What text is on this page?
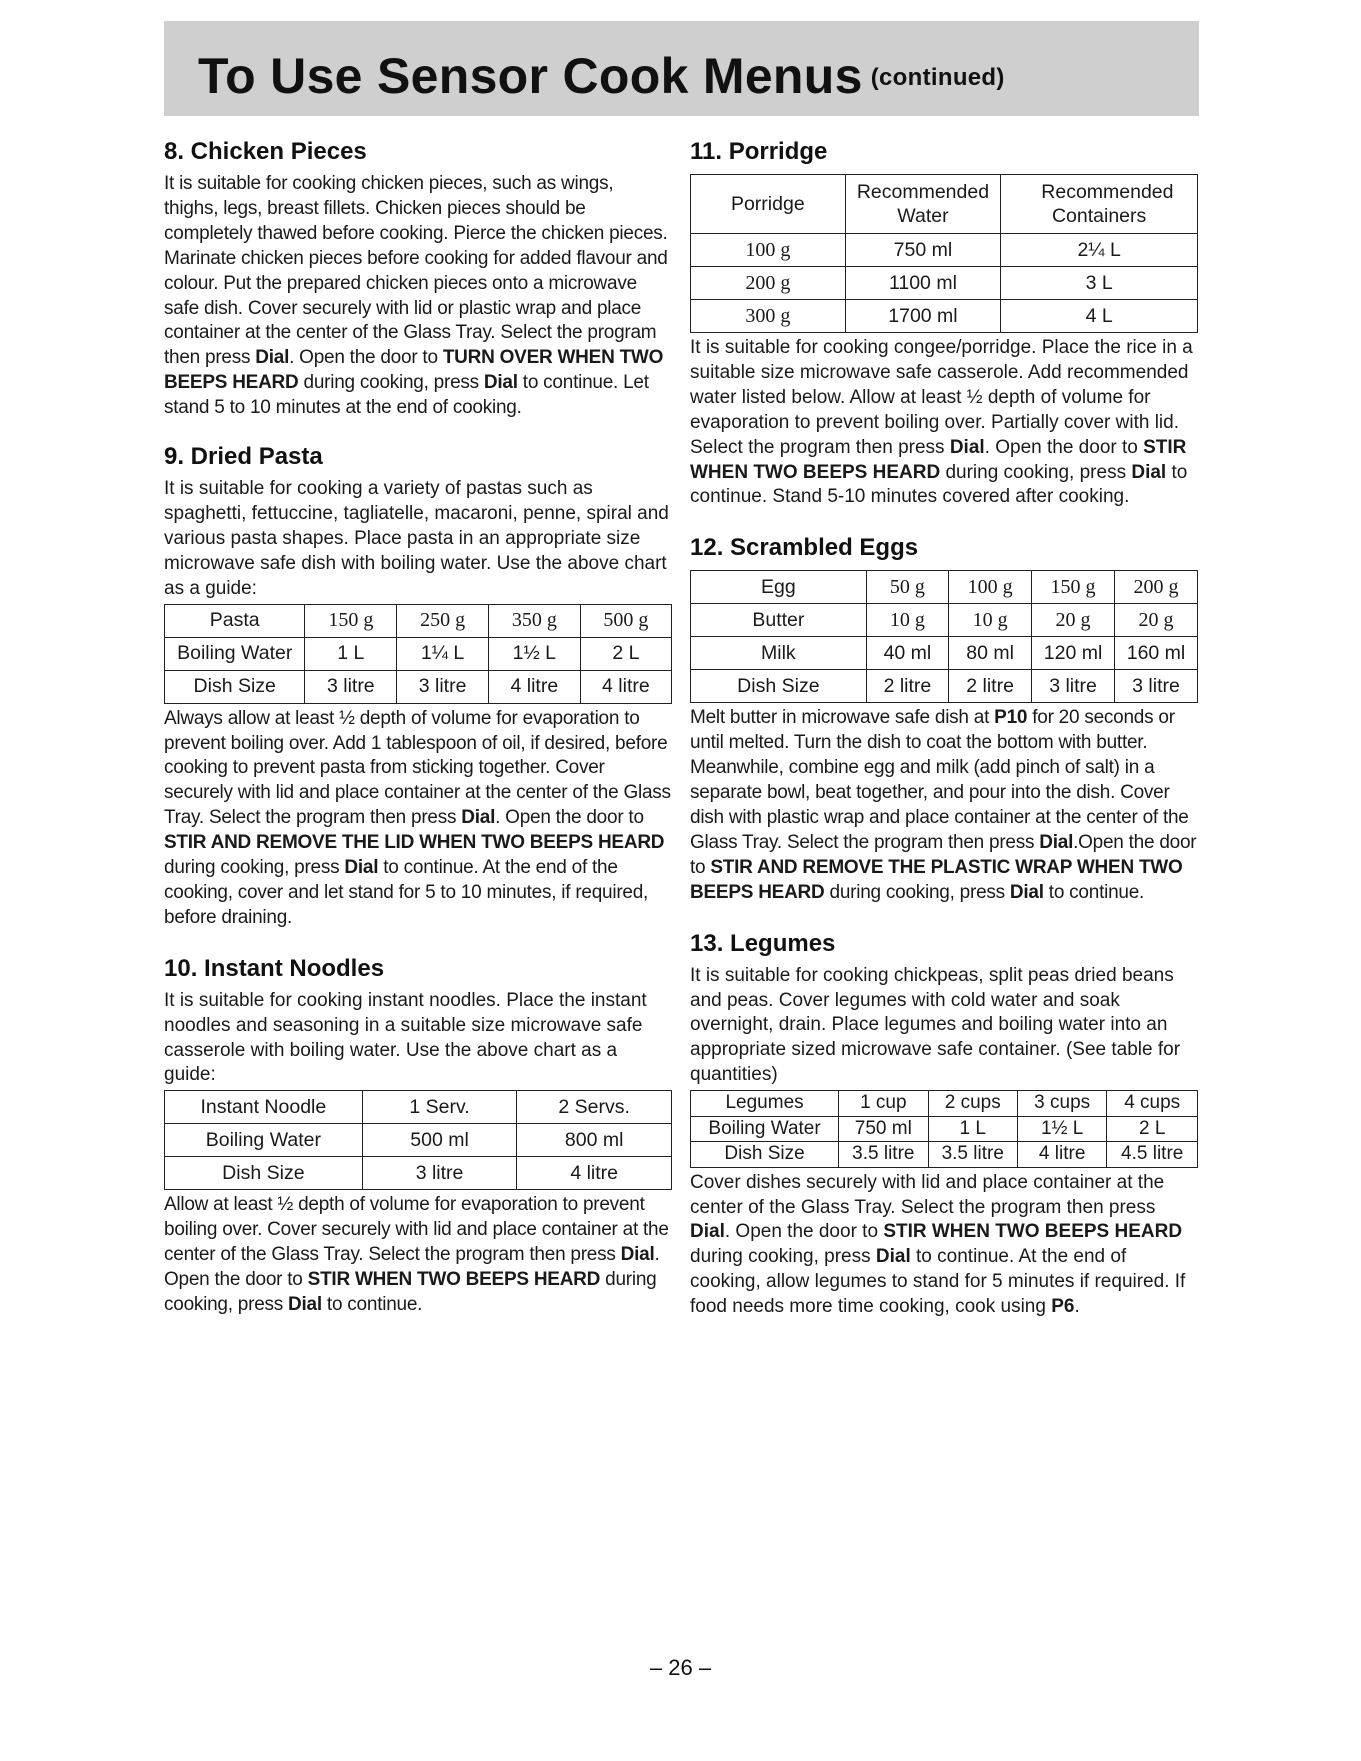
To Use Sensor Cook Menus (continued)
8. Chicken Pieces

It is suitable for cooking chicken pieces, such as wings, thighs, legs, breast fillets. Chicken pieces should be completely thawed before cooking. Pierce the chicken pieces. Marinate chicken pieces before cooking for added flavour and colour. Put the prepared chicken pieces onto a microwave safe dish. Cover securely with lid or plastic wrap and place container at the center of the Glass Tray. Select the program then press Dial. Open the door to TURN OVER WHEN TWO BEEPS HEARD during cooking, press Dial to continue. Let stand 5 to 10 minutes at the end of cooking.

9. Dried Pasta

It is suitable for cooking a variety of pastas such as spaghetti, fettuccine, tagliatelle, macaroni, penne, spiral and various pasta shapes. Place pasta in an appropriate size microwave safe dish with boiling water. Use the above chart as a guide:

Pasta	150 g	250 g	350 g	500 g
Boiling Water	1 L	1¼ L	1½ L	2 L
Dish Size	3 litre	3 litre	4 litre	4 litre

Always allow at least ½ depth of volume for evaporation to prevent boiling over. Add 1 tablespoon of oil, if desired, before cooking to prevent pasta from sticking together. Cover securely with lid and place container at the center of the Glass Tray. Select the program then press Dial. Open the door to STIR AND REMOVE THE LID WHEN TWO BEEPS HEARD during cooking, press Dial to continue. At the end of the cooking, cover and let stand for 5 to 10 minutes, if required, before draining.

10. Instant Noodles

It is suitable for cooking instant noodles. Place the instant noodles and seasoning in a suitable size microwave safe casserole with boiling water. Use the above chart as a guide:

Instant Noodle	1 Serv.	2 Servs.
Boiling Water	500 ml	800 ml
Dish Size	3 litre	4 litre

Allow at least ½ depth of volume for evaporation to prevent boiling over. Cover securely with lid and place container at the center of the Glass Tray. Select the program then press Dial. Open the door to STIR WHEN TWO BEEPS HEARD during cooking, press Dial to continue.

11. Porridge
Porridge	Recommended Water	Recommended Containers
100 g	750 ml	2¼ L
200 g	1100 ml	3 L
300 g	1700 ml	4 L

It is suitable for cooking congee/porridge. Place the rice in a suitable size microwave safe casserole. Add recommended water listed below. Allow at least ½ depth of volume for evaporation to prevent boiling over. Partially cover with lid. Select the program then press Dial. Open the door to STIR WHEN TWO BEEPS HEARD during cooking, press Dial to continue. Stand 5-10 minutes covered after cooking.

12. Scrambled Eggs
Egg	50 g	100 g	150 g	200 g
Butter	10 g	10 g	20 g	20 g
Milk	40 ml	80 ml	120 ml	160 ml
Dish Size	2 litre	2 litre	3 litre	3 litre

Melt butter in microwave safe dish at P10 for 20 seconds or until melted. Turn the dish to coat the bottom with butter. Meanwhile, combine egg and milk (add pinch of salt) in a separate bowl, beat together, and pour into the dish. Cover dish with plastic wrap and place container at the center of the Glass Tray. Select the program then press Dial.Open the door to STIR AND REMOVE THE PLASTIC WRAP WHEN TWO BEEPS HEARD during cooking, press Dial to continue.

13. Legumes

It is suitable for cooking chickpeas, split peas dried beans and peas. Cover legumes with cold water and soak overnight, drain. Place legumes and boiling water into an appropriate sized microwave safe container. (See table for quantities)

Legumes	1 cup	2 cups	3 cups	4 cups
Boiling Water	750 ml	1 L	1½ L	2 L
Dish Size	3.5 litre	3.5 litre	4 litre	4.5 litre

Cover dishes securely with lid and place container at the center of the Glass Tray. Select the program then press Dial. Open the door to STIR WHEN TWO BEEPS HEARD during cooking, press Dial to continue. At the end of cooking, allow legumes to stand for 5 minutes if required. If food needs more time cooking, cook using P6.

– 26 –
